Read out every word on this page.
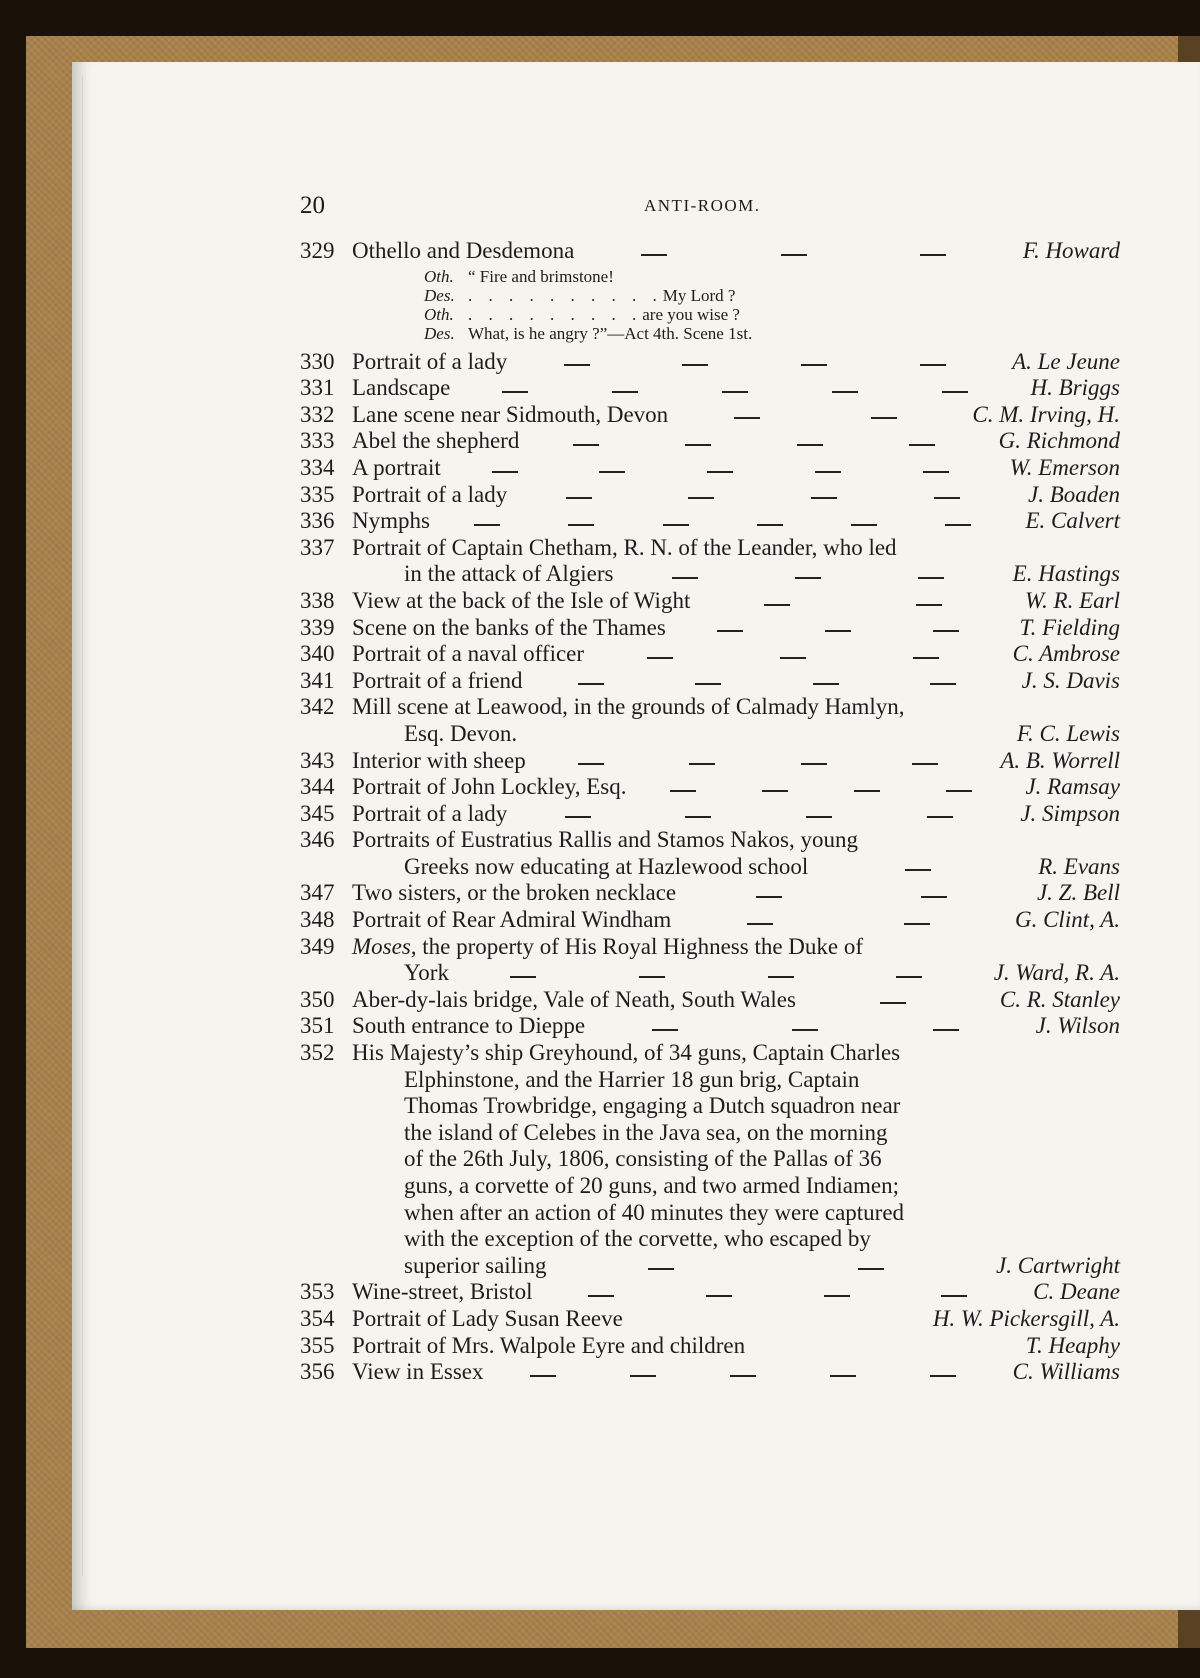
20	ANTI-ROOM.
329 Othello and Desdemona	F. Howard
Oth. “ Fire and brimstone!
Des. . . . . . . . . . . My Lord ?
Oth. . . . . . . . . . are you wise ?
Des. What, is he angry ?”—Act 4th. Scene 1st.
330 Portrait of a lady	A. Le Jeune
331 Landscape	H. Briggs
332 Lane scene near Sidmouth, Devon	C. M. Irving, H.
333 Abel the shepherd	G. Richmond
334 A portrait	W. Emerson
335 Portrait of a lady	J. Boaden
336 Nymphs	E. Calvert
337 Portrait of Captain Chetham, R. N. of the Leander, who led
in the attack of Algiers	E. Hastings
338 View at the back of the Isle of Wight	W. R. Earl
339 Scene on the banks of the Thames	T. Fielding
340 Portrait of a naval officer	C. Ambrose
341 Portrait of a friend	J. S. Davis
342 Mill scene at Leawood, in the grounds of Calmady Hamlyn,
Esq. Devon.	F. C. Lewis
343 Interior with sheep	A. B. Worrell
344 Portrait of John Lockley, Esq.	J. Ramsay
345 Portrait of a lady	J. Simpson
346 Portraits of Eustratius Rallis and Stamos Nakos, young
Greeks now educating at Hazlewood school	R. Evans
347 Two sisters, or the broken necklace	J. Z. Bell
348 Portrait of Rear Admiral Windham	G. Clint, A.
349 Moses, the property of His Royal Highness the Duke of
York	J. Ward, R. A.
350 Aber-dy-lais bridge, Vale of Neath, South Wales	C. R. Stanley
351 South entrance to Dieppe	J. Wilson
352 His Majesty’s ship Greyhound, of 34 guns, Captain Charles
Elphinstone, and the Harrier 18 gun brig, Captain
Thomas Trowbridge, engaging a Dutch squadron near
the island of Celebes in the Java sea, on the morning
of the 26th July, 1806, consisting of the Pallas of 36
guns, a corvette of 20 guns, and two armed Indiamen;
when after an action of 40 minutes they were captured
with the exception of the corvette, who escaped by
superior sailing	J. Cartwright
353 Wine-street, Bristol	C. Deane
354 Portrait of Lady Susan Reeve	H. W. Pickersgill, A.
355 Portrait of Mrs. Walpole Eyre and children	T. Heaphy
356 View in Essex	C. Williams
